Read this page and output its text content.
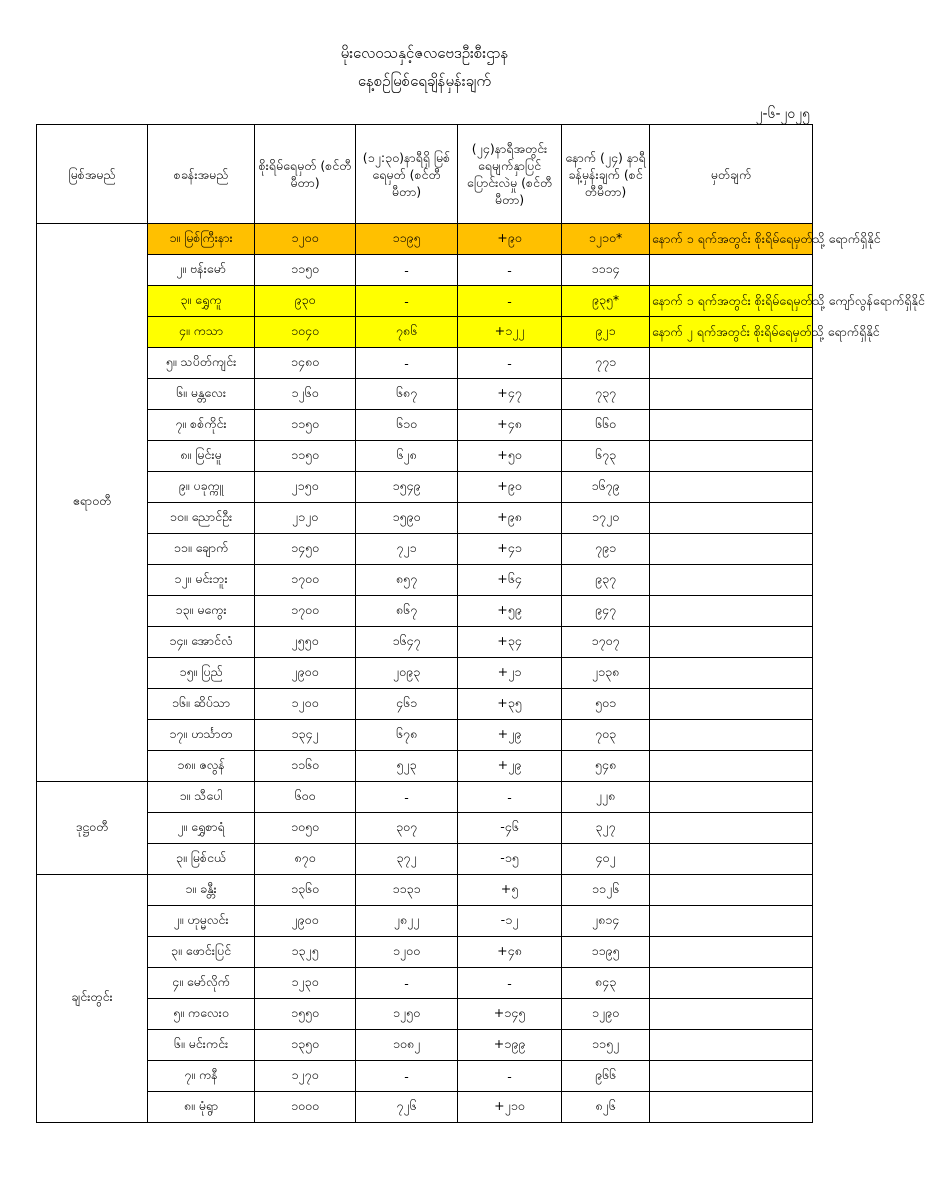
မိုးလေဝသနှင့်ဇလဗေဒဦးစီးဌာန
နေ့စဉ်မြစ်ရေချိန်မှန်းချက်
၂-၆-၂၀၂၅
မြစ်အမည်	စခန်းအမည်	စိုးရိမ်ရေမှတ် (စင်တီမီတာ)	(၁၂:၃၀)နာရီရှိ မြစ်ရေမှတ် (စင်တီမီတာ)	(၂၄)နာရီအတွင်း ရေမျက်နှာပြင် ပြောင်းလဲမှု (စင်တီမီတာ)	နောက် (၂၄) နာရီ ခန့်မှန်းချက် (စင်တီမီတာ)	မှတ်ချက်
ဧရာဝတီ	၁။ မြစ်ကြီးနား	၁၂၀၀	၁၁၉၅	+၉၀	၁၂၁၀*	နောက် ၁ ရက်အတွင်း စိုးရိမ်ရေမှတ်သို့ ရောက်ရှိနိုင်
	၂။ ဗန်းမော်	၁၁၅၀	-	-	၁၁၁၄	
	၃။ ရွှေကူ	၉၃၀	-	-	၉၃၅*	နောက် ၁ ရက်အတွင်း စိုးရိမ်ရေမှတ်သို့ ကျော်လွန်ရောက်ရှိနိုင်
	၄။ ကသာ	၁၀၄၀	၇၈၆	+၁၂၂	၉၂၁	နောက် ၂ ရက်အတွင်း စိုးရိမ်ရေမှတ်သို့ ရောက်ရှိနိုင်
	၅။ သပိတ်ကျင်း	၁၄၈၀	-	-	၇၇၁	
	၆။ မန္တလေး	၁၂၆၀	၆၈၇	+၄၇	၇၃၇	
	၇။ စစ်ကိုင်း	၁၁၅၀	၆၁၀	+၄၈	၆၆၀	
	၈။ မြင်းမူ	၁၁၅၀	၆၂၈	+၅၀	၆၇၃	
	၉။ ပခုက္ကူ	၂၁၅၀	၁၅၄၉	+၉၀	၁၆၇၉	
	၁၀။ ညောင်ဦး	၂၁၂၀	၁၅၉၀	+၉၈	၁၇၂၀	
	၁၁။ ချောက်	၁၄၅၀	၇၂၁	+၄၁	၇၉၁	
	၁၂။ မင်းဘူး	၁၇၀၀	၈၅၇	+၆၄	၉၃၇	
	၁၃။ မကွေး	၁၇၀၀	၈၆၇	+၅၉	၉၄၇	
	၁၄။ အောင်လံ	၂၅၅၀	၁၆၄၇	+၃၄	၁၇၀၇	
	၁၅။ ပြည်	၂၉၀၀	၂၀၉၃	+၂၁	၂၁၃၈	
	၁၆။ ဆိပ်သာ	၁၂၀၀	၄၆၁	+၃၅	၅၀၁	
	၁၇။ ဟင်္သာတ	၁၃၄၂	၆၇၈	+၂၉	၇၀၃	
	၁၈။ ဇလွန်	၁၁၆၀	၅၂၃	+၂၉	၅၄၈	
ဒုဋ္ဌဝတီ	၁။ သီပေါ	၆၀၀	-	-	၂၂၈	
	၂။ ရွှေစာရံ	၁၀၅၀	၃၀၇	-၄၆	၃၂၇	
	၃။ မြစ်ငယ်	၈၇၀	၃၇၂	-၁၅	၄၀၂	
ချင်းတွင်း	၁။ ခန္တီး	၁၃၆၀	၁၁၃၁	+၅	၁၁၂၆	
	၂။ ဟုမ္မလင်း	၂၉၀၀	၂၈၂၂	-၁၂	၂၈၁၄	
	၃။ ဖောင်းပြင်	၁၃၂၅	၁၂၀၀	+၄၈	၁၁၉၅	
	၄။ မော်လိုက်	၁၂၃၀	-	-	၈၄၃	
	၅။ ကလေးဝ	၁၅၅၀	၁၂၅၀	+၁၄၅	၁၂၉၀	
	၆။ မင်းကင်း	၁၃၅၀	၁၀၈၂	+၁၉၉	၁၁၅၂	
	၇။ ကနီ	၁၂၇၀	-	-	၉၆၆	
	၈။ မုံရွာ	၁၀၀၀	၇၂၆	+၂၁၀	၈၂၆	
